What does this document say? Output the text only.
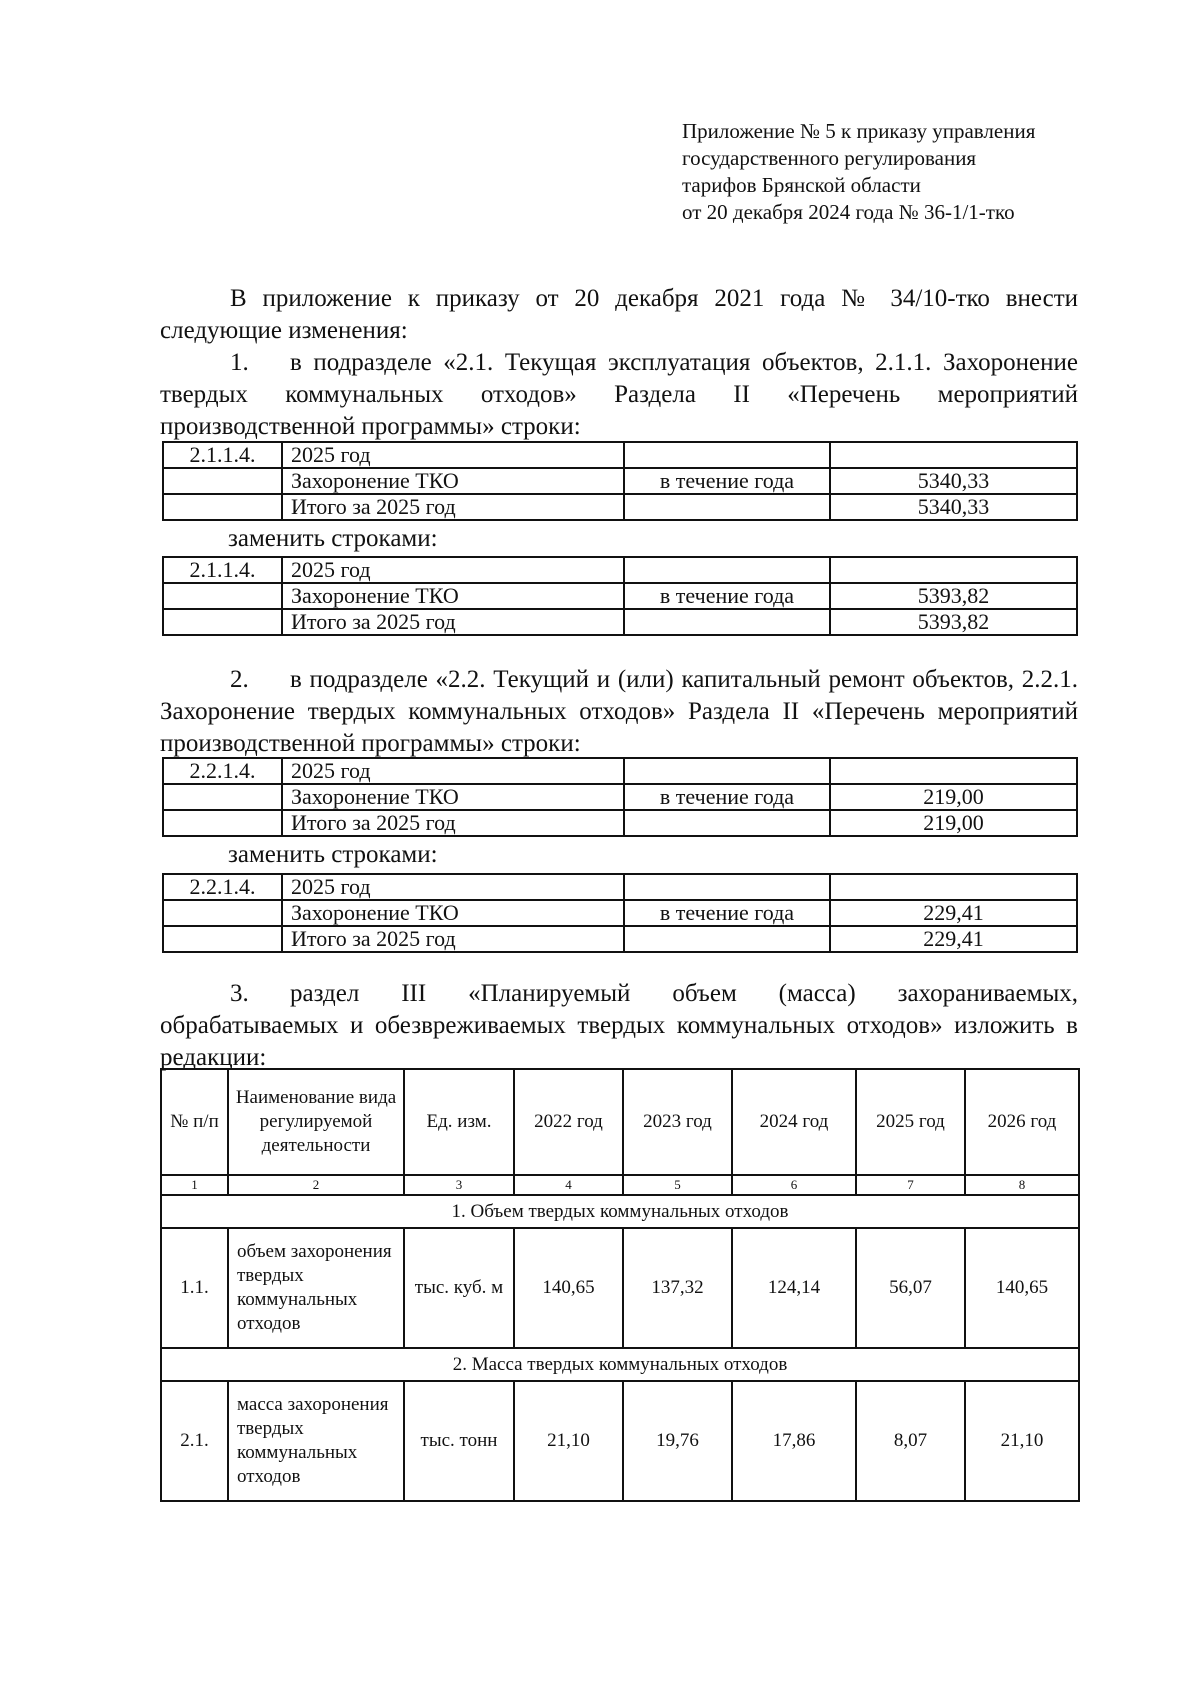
Приложение № 5 к приказу управления
государственного регулирования
тарифов Брянской области
от 20 декабря 2024 года № 36-1/1-тко
В приложение к приказу от 20 декабря 2021 года № 34/10-тко внести следующие изменения:
1. в подразделе «2.1. Текущая эксплуатация объектов, 2.1.1. Захоронение твердых коммунальных отходов» Раздела II «Перечень мероприятий производственной программы» строки:
2.1.1.4.	2025 год		
	Захоронение ТКО	в течение года	5340,33
	Итого за 2025 год		5340,33
заменить строками:
2.1.1.4.	2025 год		
	Захоронение ТКО	в течение года	5393,82
	Итого за 2025 год		5393,82
2. в подразделе «2.2. Текущий и (или) капитальный ремонт объектов, 2.2.1. Захоронение твердых коммунальных отходов» Раздела II «Перечень мероприятий производственной программы» строки:
2.2.1.4.	2025 год		
	Захоронение ТКО	в течение года	219,00
	Итого за 2025 год		219,00
заменить строками:
2.2.1.4.	2025 год		
	Захоронение ТКО	в течение года	229,41
	Итого за 2025 год		229,41
3. раздел III «Планируемый объем (масса) захораниваемых, обрабатываемых и обезвреживаемых твердых коммунальных отходов» изложить в редакции:
№ п/п	Наименование вида регулируемой деятельности	Ед. изм.	2022 год	2023 год	2024 год	2025 год	2026 год
1	2	3	4	5	6	7	8
1. Объем твердых коммунальных отходов							
1.1.	объем захоронения твердых коммунальных отходов	тыс. куб. м	140,65	137,32	124,14	56,07	140,65
2. Масса твердых коммунальных отходов							
2.1.	масса захоронения твердых коммунальных отходов	тыс. тонн	21,10	19,76	17,86	8,07	21,10
